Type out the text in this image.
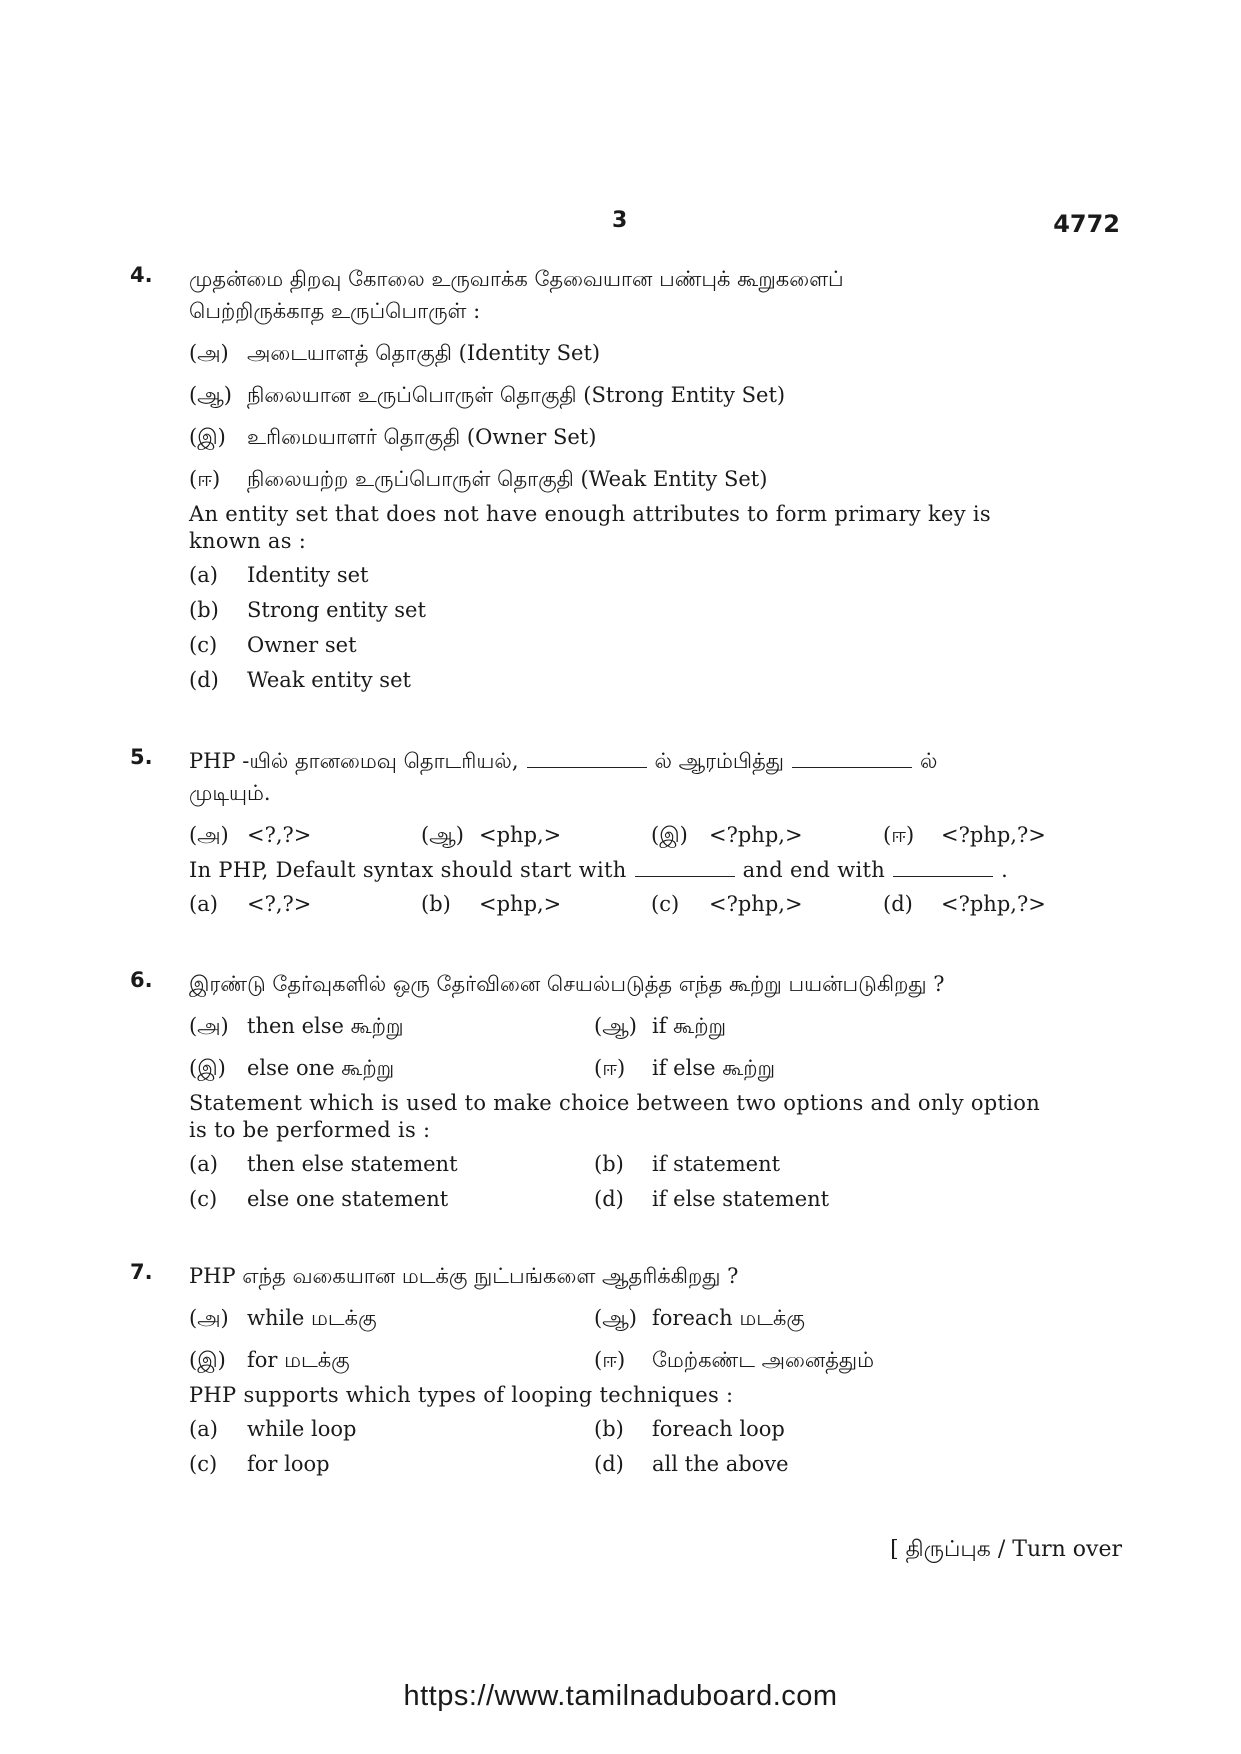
3	4772
4. முதன்மை திறவு கோலை உருவாக்க தேவையான பண்புக் கூறுகளைப்
பெற்றிருக்காத உருப்பொருள் :
(அ) அடையாளத் தொகுதி (Identity Set)
(ஆ) நிலையான உருப்பொருள் தொகுதி (Strong Entity Set)
(இ)	உரிமையாளர் தொகுதி (Owner Set)
(ஈ)	நிலையற்ற உருப்பொருள் தொகுதி (Weak Entity Set)
An entity set that does not have enough attributes to form primary key is known as :
(a)	Identity set
(b)	Strong entity set
(c)	Owner set
(d)	Weak entity set
5. PHP -யில் தானமைவு தொடரியல்,	ல் ஆரம்பித்து	ல்
முடியும்.
(அ) <?,?>	(ஆ) <php,>	(இ)	<?php,>	(ஈ)	<?php,?>
In PHP, Default syntax should start with	and end with	.
(a)	<?,?>	(b)	<php,>	(c)	<?php,>	(d)	<?php,?>
6. இரண்டு தேர்வுகளில் ஒரு தேர்வினை செயல்படுத்த எந்த கூற்று பயன்படுகிறது ?
(அ) then else கூற்று	(ஆ) if கூற்று
(இ)	else one கூற்று	(ஈ)	if else கூற்று
Statement which is used to make choice between two options and only option is to be performed is :
(a)	then else statement	(b)	if statement
(c)	else one statement	(d)	if else statement
7. PHP எந்த வகையான மடக்கு நுட்பங்களை ஆதரிக்கிறது ?
(அ) while மடக்கு	(ஆ) foreach மடக்கு
(இ)	for மடக்கு	(ஈ)	மேற்கண்ட அனைத்தும்
PHP supports which types of looping techniques :
(a)	while loop	(b)	foreach loop
(c)	for loop	(d)	all the above
[ திருப்புக / Turn over
https://www.tamilnaduboard.com
